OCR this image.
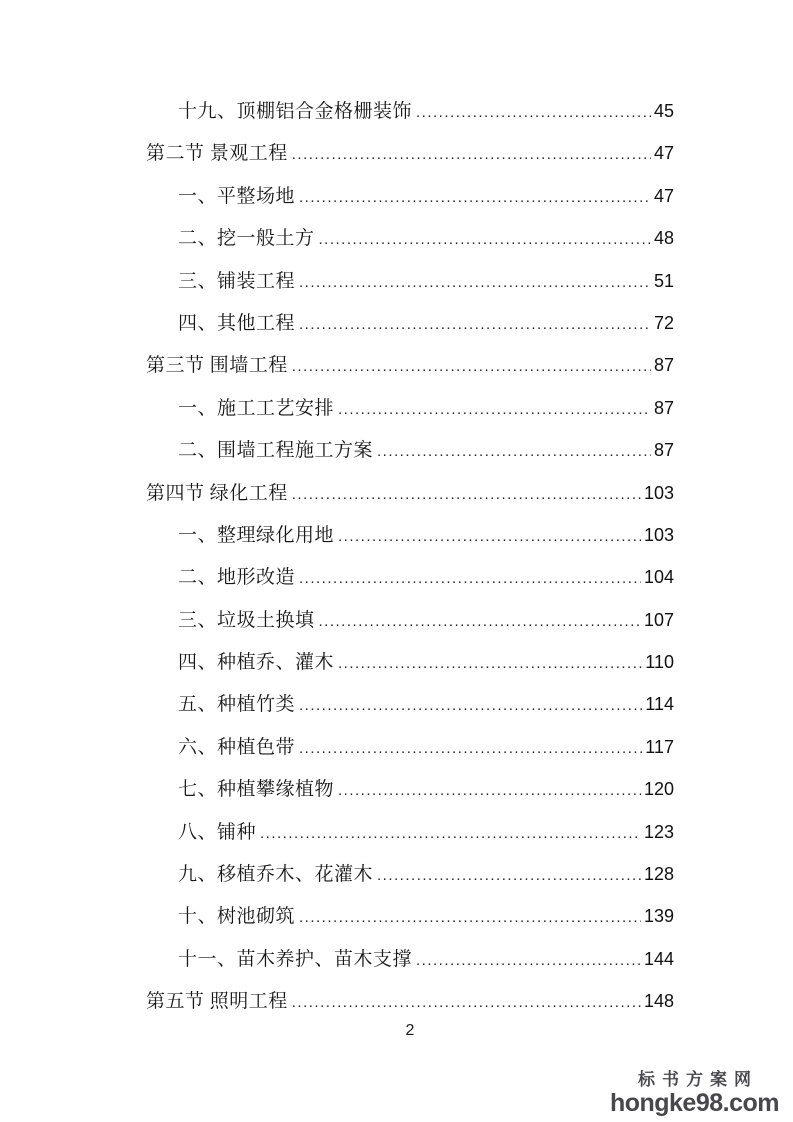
十九、顶棚铝合金格栅装饰 .....	45
第二节 景观工程 .....	47
一、平整场地 .....	47
二、挖一般土方 .....	48
三、铺装工程 .....	51
四、其他工程 .....	72
第三节 围墙工程 .....	87
一、施工工艺安排 .....	87
二、围墙工程施工方案 .....	87
第四节 绿化工程 .....	103
一、整理绿化用地 .....	103
二、地形改造 .....	104
三、垃圾土换填 .....	107
四、种植乔、灌木 .....	110
五、种植竹类 .....	114
六、种植色带 .....	117
七、种植攀缘植物 .....	120
八、铺种 .....	123
九、移植乔木、花灌木 .....	128
十、树池砌筑 .....	139
十一、苗木养护、苗木支撑 .....	144
第五节 照明工程 .....	148
2
标书方案网
hongke98.com
